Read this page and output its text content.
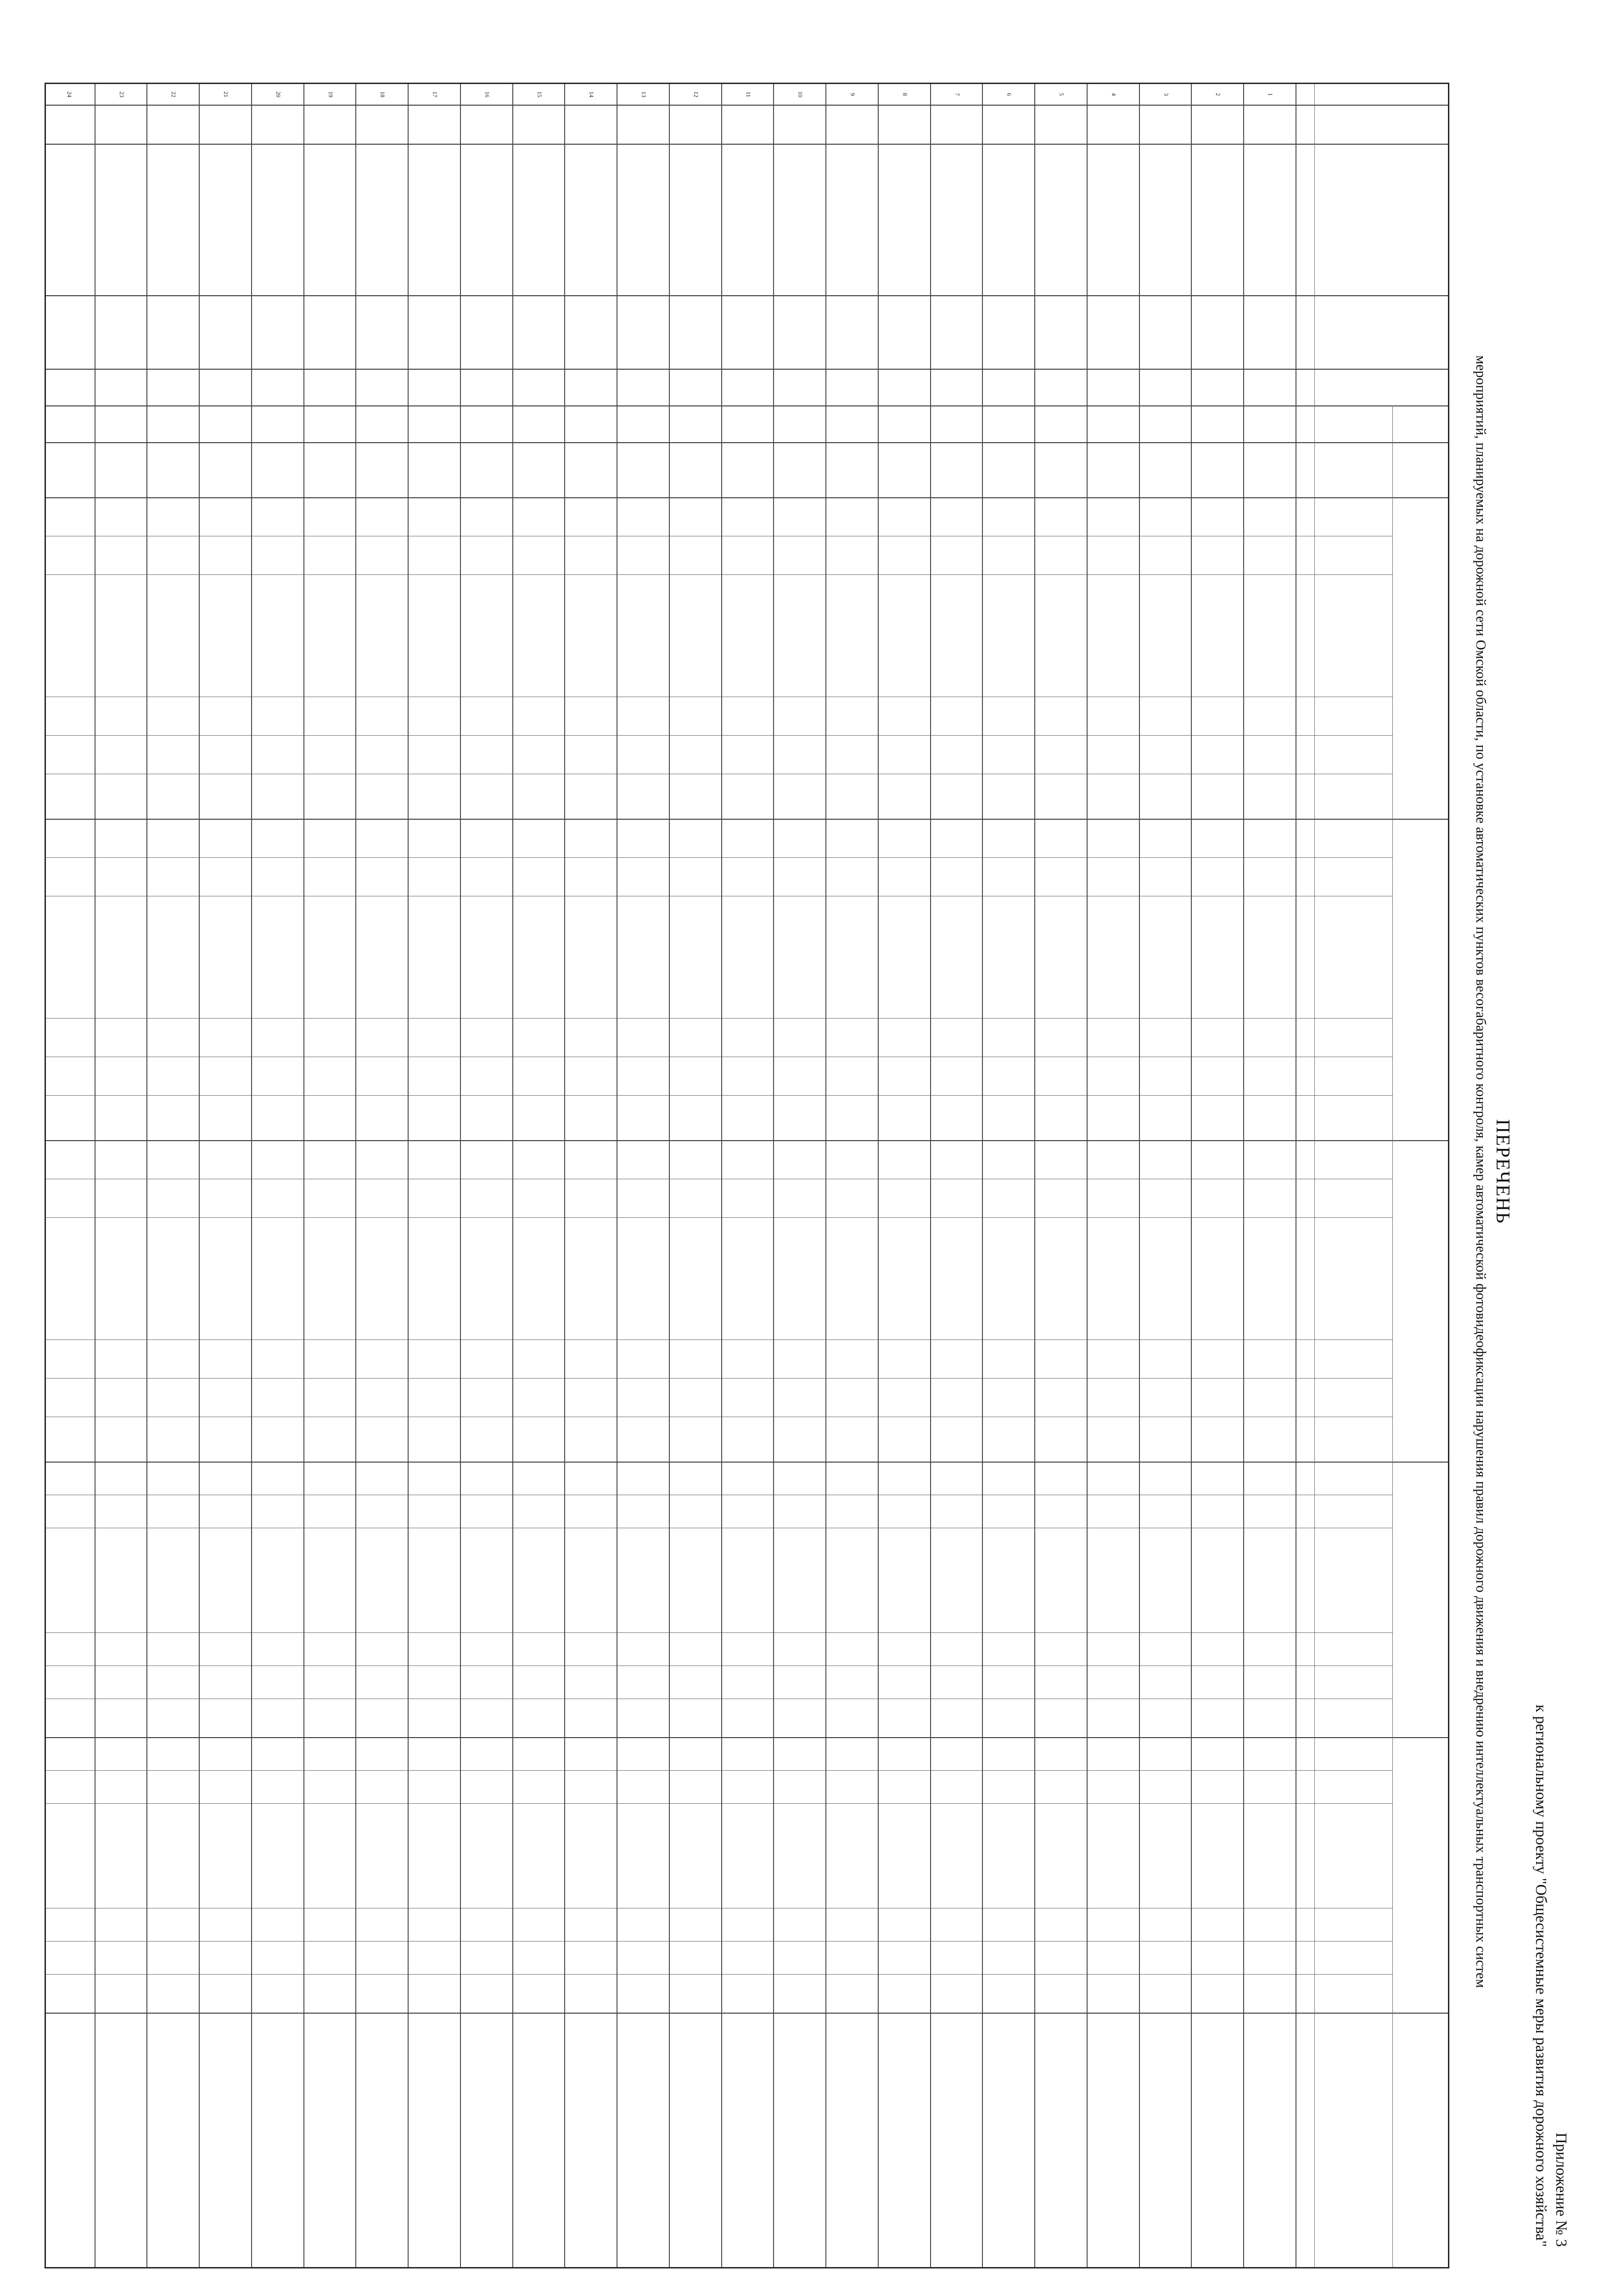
Приложение № 3
к региональному проекту "Общесистемные меры развития дорожного хозяйства"
ПЕРЕЧЕНЬ
мероприятий, планируемых на дорожной сети Омской области, по установке автоматических пунктов весогабаритного контроля, камер автоматической фотовидеофиксации нарушения правил дорожного движения и внедрению интеллектуальных транспортных систем
1
2
3
4
5
6
7
8
9
10
11
12
13
14
15
16
17
18
19
20
21
22
23
24
